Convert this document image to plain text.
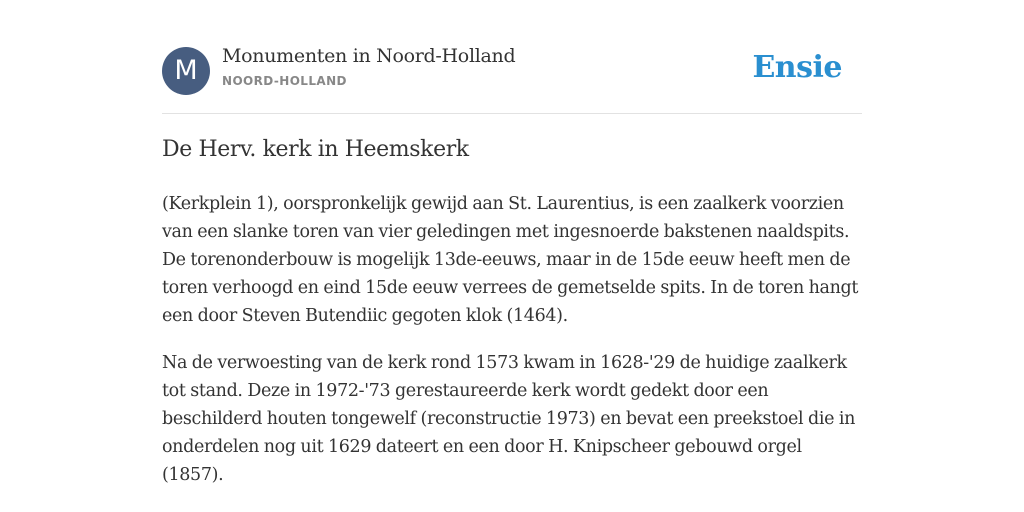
M	Monumenten in Noord-Holland
NOORD-HOLLAND	Ensie
De Herv. kerk in Heemskerk

(Kerkplein 1), oorspronkelijk gewijd aan St. Laurentius, is een zaalkerk voorzien van een slanke toren van vier geledingen met ingesnoerde bakstenen naaldspits. De torenonderbouw is mogelijk 13de-eeuws, maar in de 15de eeuw heeft men de toren verhoogd en eind 15de eeuw verrees de gemetselde spits. In de toren hangt een door Steven Butendiic gegoten klok (1464).

Na de verwoesting van de kerk rond 1573 kwam in 1628-'29 de huidige zaalkerk tot stand. Deze in 1972-'73 gerestaureerde kerk wordt gedekt door een beschilderd houten tongewelf (reconstructie 1973) en bevat een preekstoel die in onderdelen nog uit 1629 dateert en een door H. Knipscheer gebouwd orgel (1857).
